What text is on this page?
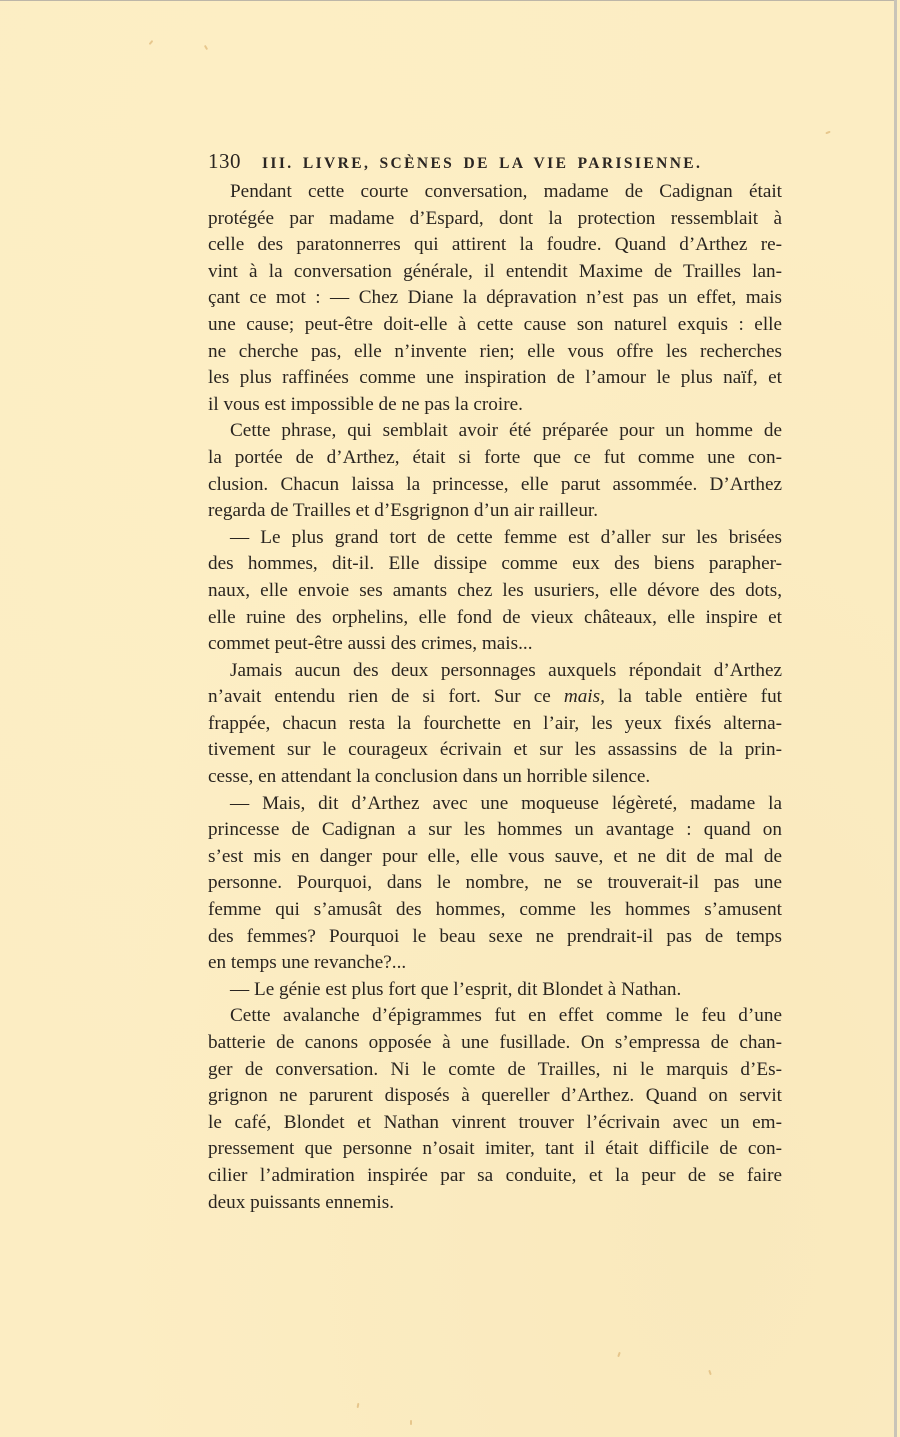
130	III. LIVRE, SCÈNES DE LA VIE PARISIENNE.
Pendant cette courte conversation, madame de Cadignan était
protégée par madame d’Espard, dont la protection ressemblait à
celle des paratonnerres qui attirent la foudre. Quand d’Arthez re-
vint à la conversation générale, il entendit Maxime de Trailles lan-
çant ce mot : — Chez Diane la dépravation n’est pas un effet, mais
une cause; peut-être doit-elle à cette cause son naturel exquis : elle
ne cherche pas, elle n’invente rien; elle vous offre les recherches
les plus raffinées comme une inspiration de l’amour le plus naïf, et
il vous est impossible de ne pas la croire.
Cette phrase, qui semblait avoir été préparée pour un homme de
la portée de d’Arthez, était si forte que ce fut comme une con-
clusion. Chacun laissa la princesse, elle parut assommée. D’Arthez
regarda de Trailles et d’Esgrignon d’un air railleur.
— Le plus grand tort de cette femme est d’aller sur les brisées
des hommes, dit-il. Elle dissipe comme eux des biens parapher-
naux, elle envoie ses amants chez les usuriers, elle dévore des dots,
elle ruine des orphelins, elle fond de vieux châteaux, elle inspire et
commet peut-être aussi des crimes, mais...
Jamais aucun des deux personnages auxquels répondait d’Arthez
n’avait entendu rien de si fort. Sur ce mais, la table entière fut
frappée, chacun resta la fourchette en l’air, les yeux fixés alterna-
tivement sur le courageux écrivain et sur les assassins de la prin-
cesse, en attendant la conclusion dans un horrible silence.
— Mais, dit d’Arthez avec une moqueuse légèreté, madame la
princesse de Cadignan a sur les hommes un avantage : quand on
s’est mis en danger pour elle, elle vous sauve, et ne dit de mal de
personne. Pourquoi, dans le nombre, ne se trouverait-il pas une
femme qui s’amusât des hommes, comme les hommes s’amusent
des femmes? Pourquoi le beau sexe ne prendrait-il pas de temps
en temps une revanche?...
— Le génie est plus fort que l’esprit, dit Blondet à Nathan.
Cette avalanche d’épigrammes fut en effet comme le feu d’une
batterie de canons opposée à une fusillade. On s’empressa de chan-
ger de conversation. Ni le comte de Trailles, ni le marquis d’Es-
grignon ne parurent disposés à quereller d’Arthez. Quand on servit
le café, Blondet et Nathan vinrent trouver l’écrivain avec un em-
pressement que personne n’osait imiter, tant il était difficile de con-
cilier l’admiration inspirée par sa conduite, et la peur de se faire
deux puissants ennemis.
